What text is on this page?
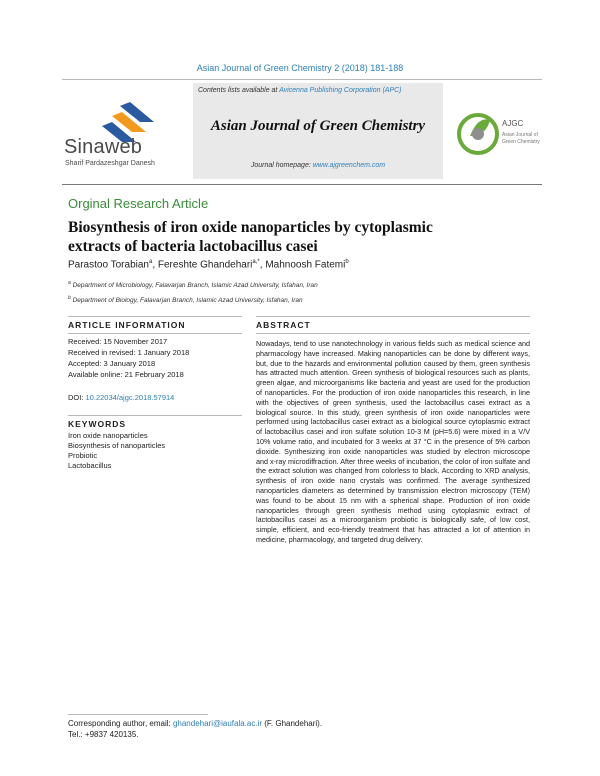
Asian Journal of Green Chemistry 2 (2018) 181-188
Sinaweb
Sharif Pardazeshgar Danesh
Contents lists available at Avicenna Publishing Corporation (APC)
Asian Journal of Green Chemistry
Journal homepage: www.ajgreenchem.com
AJGC
Asian Journal of
Green Chemistry
Orginal Research Article
Biosynthesis of iron oxide nanoparticles by cytoplasmic extracts of bacteria lactobacillus casei
Parastoo Torabian$^a$, Fereshte Ghandehari$^{a,*}$, Mahnoosh Fatemi$^b$
$^a$ Department of Microbiology, Falavarjan Branch, Islamic Azad University, Isfahan, Iran
$^b$ Department of Biology, Falavarjan Branch, Islamic Azad University, Isfahan, Iran
ARTICLE INFORMATION
Received: 15 November 2017
Received in revised: 1 January 2018
Accepted: 3 January 2018
Available online: 21 February 2018
DOI: 10.22034/ajgc.2018.57914
KEYWORDS
Iron oxide nanoparticles
Biosynthesis of nanoparticles
Probiotic
Lactobacillus
ABSTRACT
Nowadays, tend to use nanotechnology in various fields such as medical science and pharmacology have increased. Making nanoparticles can be done by different ways, but, due to the hazards and environmental pollution caused by them, green synthesis has attracted much attention. Green synthesis of biological resources such as plants, green algae, and microorganisms like bacteria and yeast are used for the production of nanoparticles. For the production of iron oxide nanoparticles this research, in line with the objectives of green synthesis, used the lactobacillus casei extract as a biological source. In this study, green synthesis of iron oxide nanoparticles were performed using lactobacillus casei extract as a biological source cytoplasmic extract of lactobacillus casei and iron sulfate solution 10-3 M (pH=5.6) were mixed in a V/V 10% volume ratio, and incubated for 3 weeks at 37 °C in the presence of 5% carbon dioxide. Synthesizing iron oxide nanoparticles was studied by electron microscope and x-ray microdiffraction. After three weeks of incubation, the color of iron sulfate and the extract solution was changed from colorless to black. According to XRD analysis, synthesis of iron oxide nano crystals was confirmed. The average synthesized nanoparticles diameters as determined by transmission electron microscopy (TEM) was found to be about 15 nm with a spherical shape. Production of iron oxide nanoparticles through green synthesis method using cytoplasmic extract of lactobacillus casei as a microorganism probiotic is biologically safe, of low cost, simple, efficient, and eco-friendly treatment that has attracted a lot of attention in medicine, pharmacology, and targeted drug delivery.
Corresponding author, email: ghandehari@iaufala.ac.ir (F. Ghandehari).
Tel.: +9837 420135.
